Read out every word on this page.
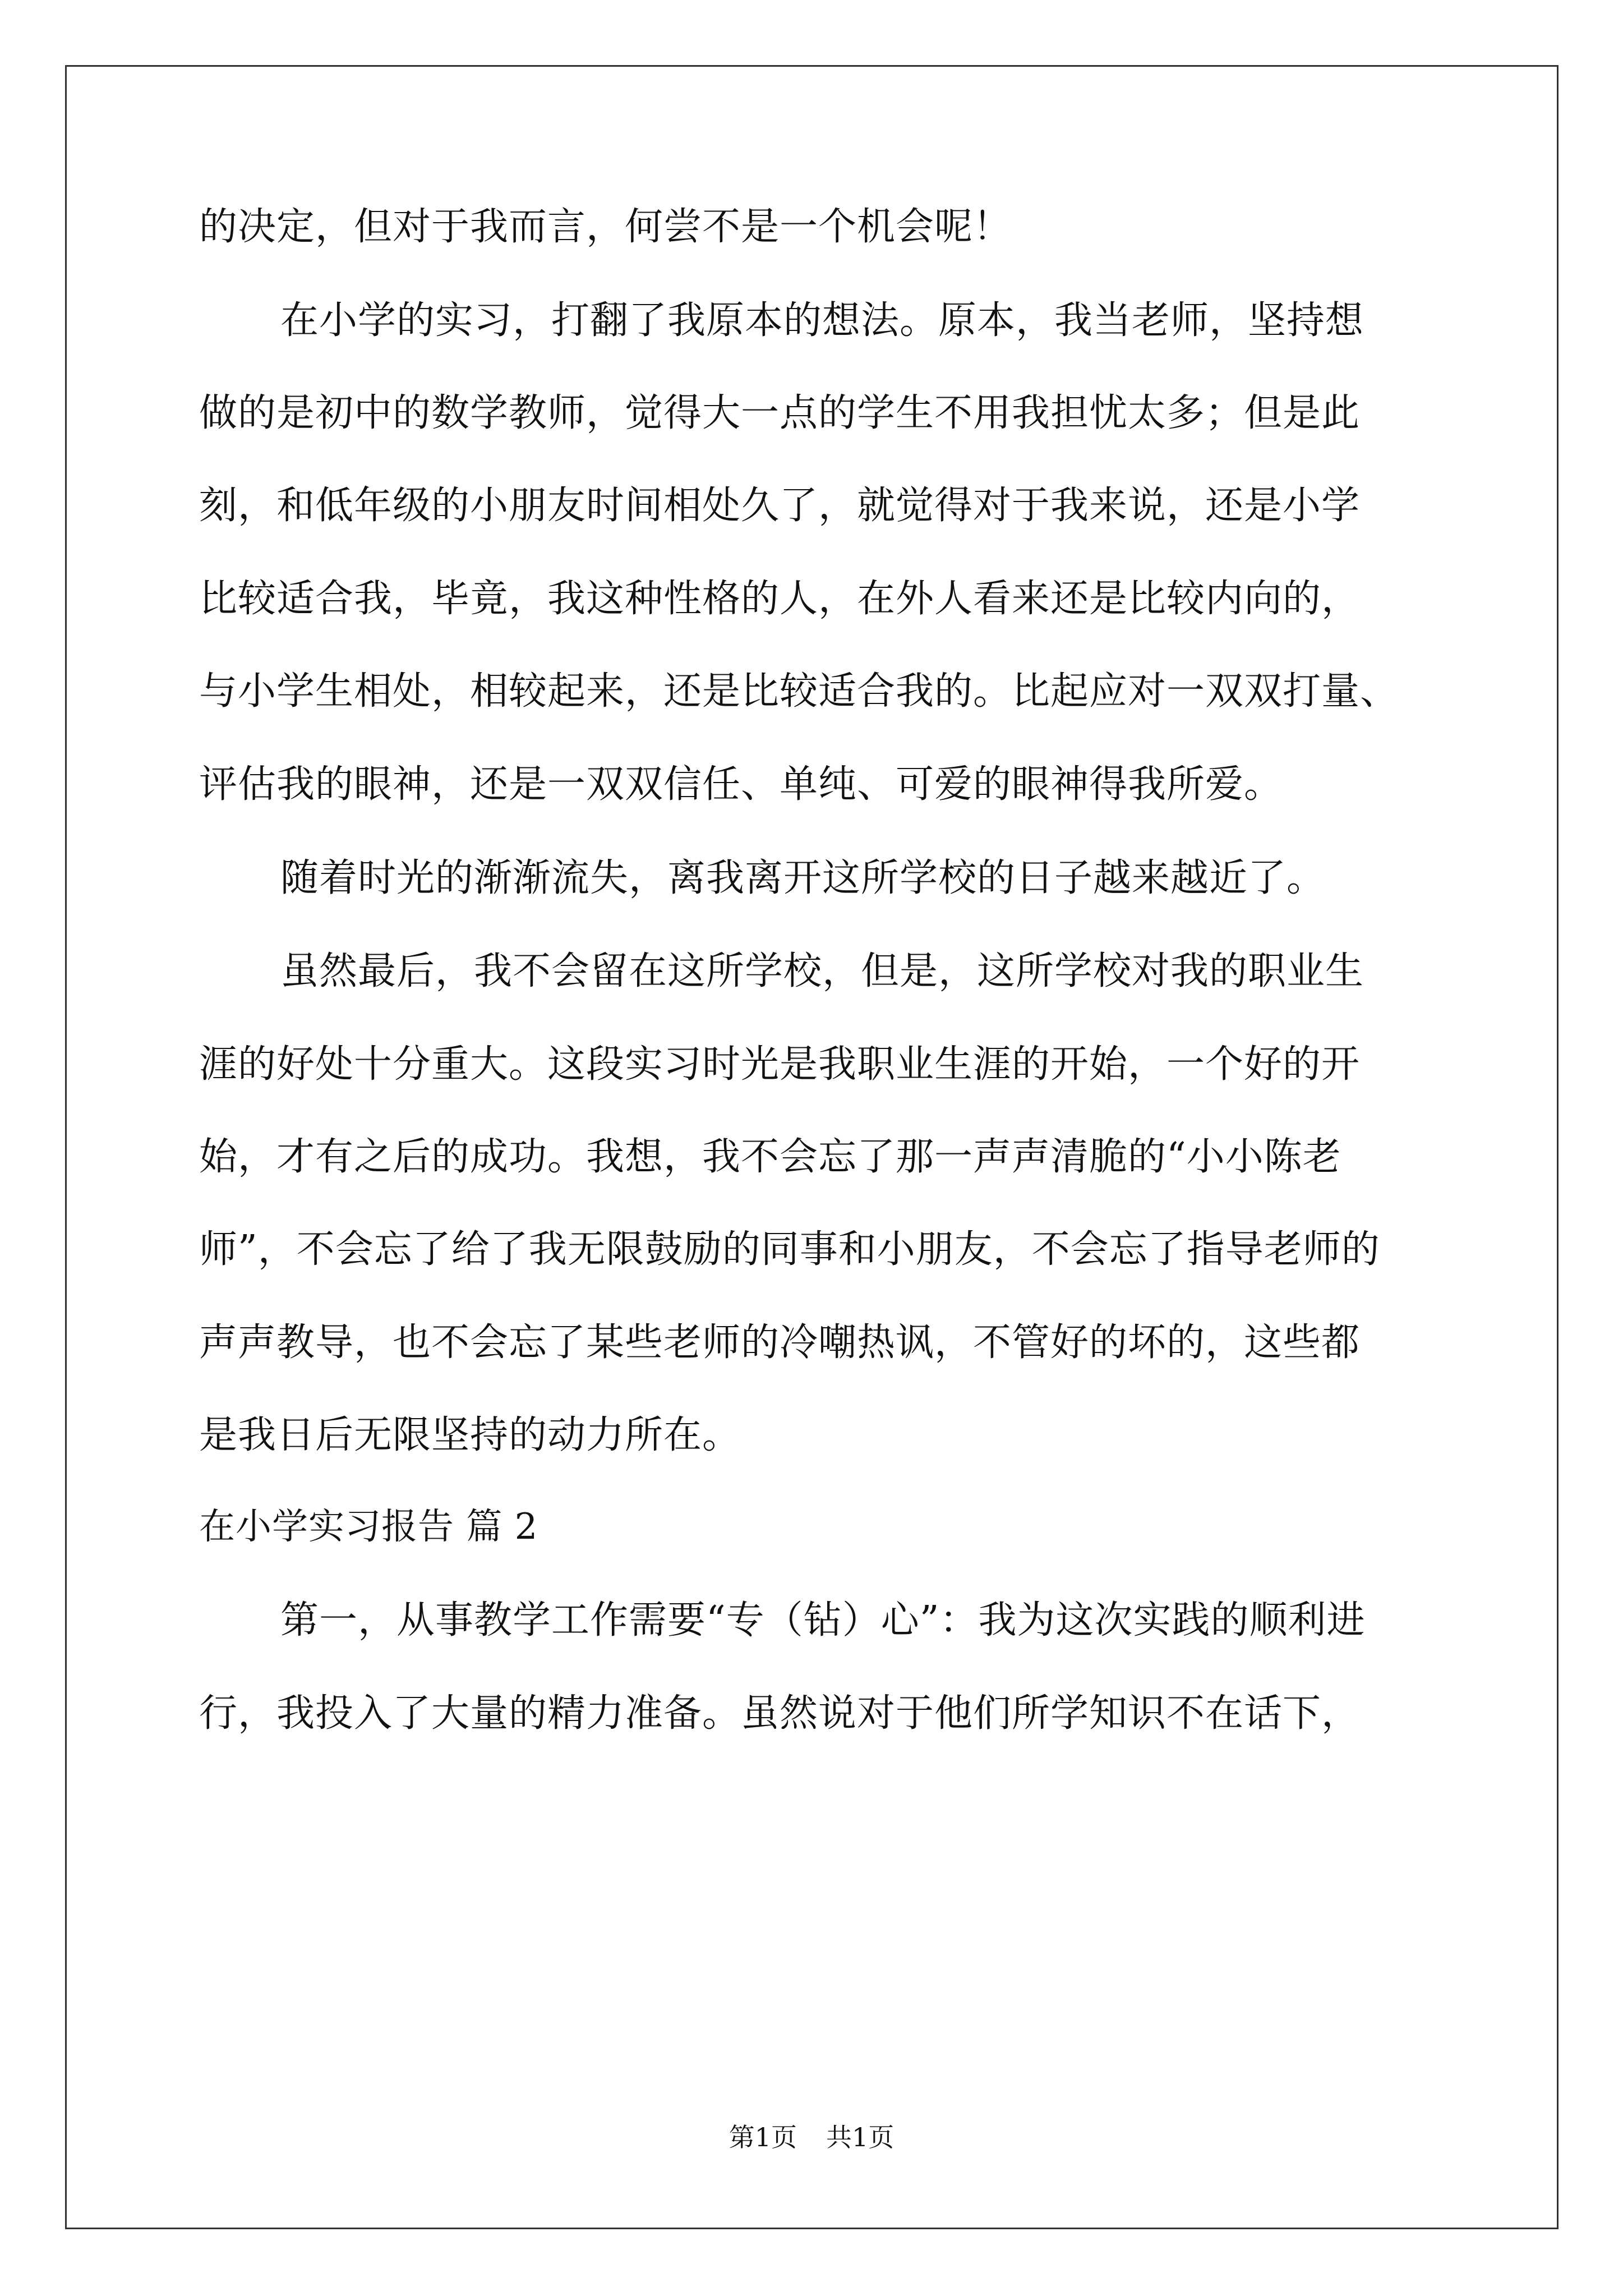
的决定，但对于我而言，何尝不是一个机会呢！
在小学的实习，打翻了我原本的想法。原本，我当老师，坚持想
做的是初中的数学教师，觉得大一点的学生不用我担忧太多；但是此
刻，和低年级的小朋友时间相处久了，就觉得对于我来说，还是小学
比较适合我，毕竟，我这种性格的人，在外人看来还是比较内向的，
与小学生相处，相较起来，还是比较适合我的。比起应对一双双打量、
评估我的眼神，还是一双双信任、单纯、可爱的眼神得我所爱。
随着时光的渐渐流失，离我离开这所学校的日子越来越近了。
虽然最后，我不会留在这所学校，但是，这所学校对我的职业生
涯的好处十分重大。这段实习时光是我职业生涯的开始，一个好的开
始，才有之后的成功。我想，我不会忘了那一声声清脆的“小小陈老
师”，不会忘了给了我无限鼓励的同事和小朋友，不会忘了指导老师的
声声教导，也不会忘了某些老师的冷嘲热讽，不管好的坏的，这些都
是我日后无限坚持的动力所在。
在小学实习报告 篇 2
第一，从事教学工作需要“专（钻）心”：我为这次实践的顺利进
行，我投入了大量的精力准备。虽然说对于他们所学知识不在话下，
第1页 共1页
